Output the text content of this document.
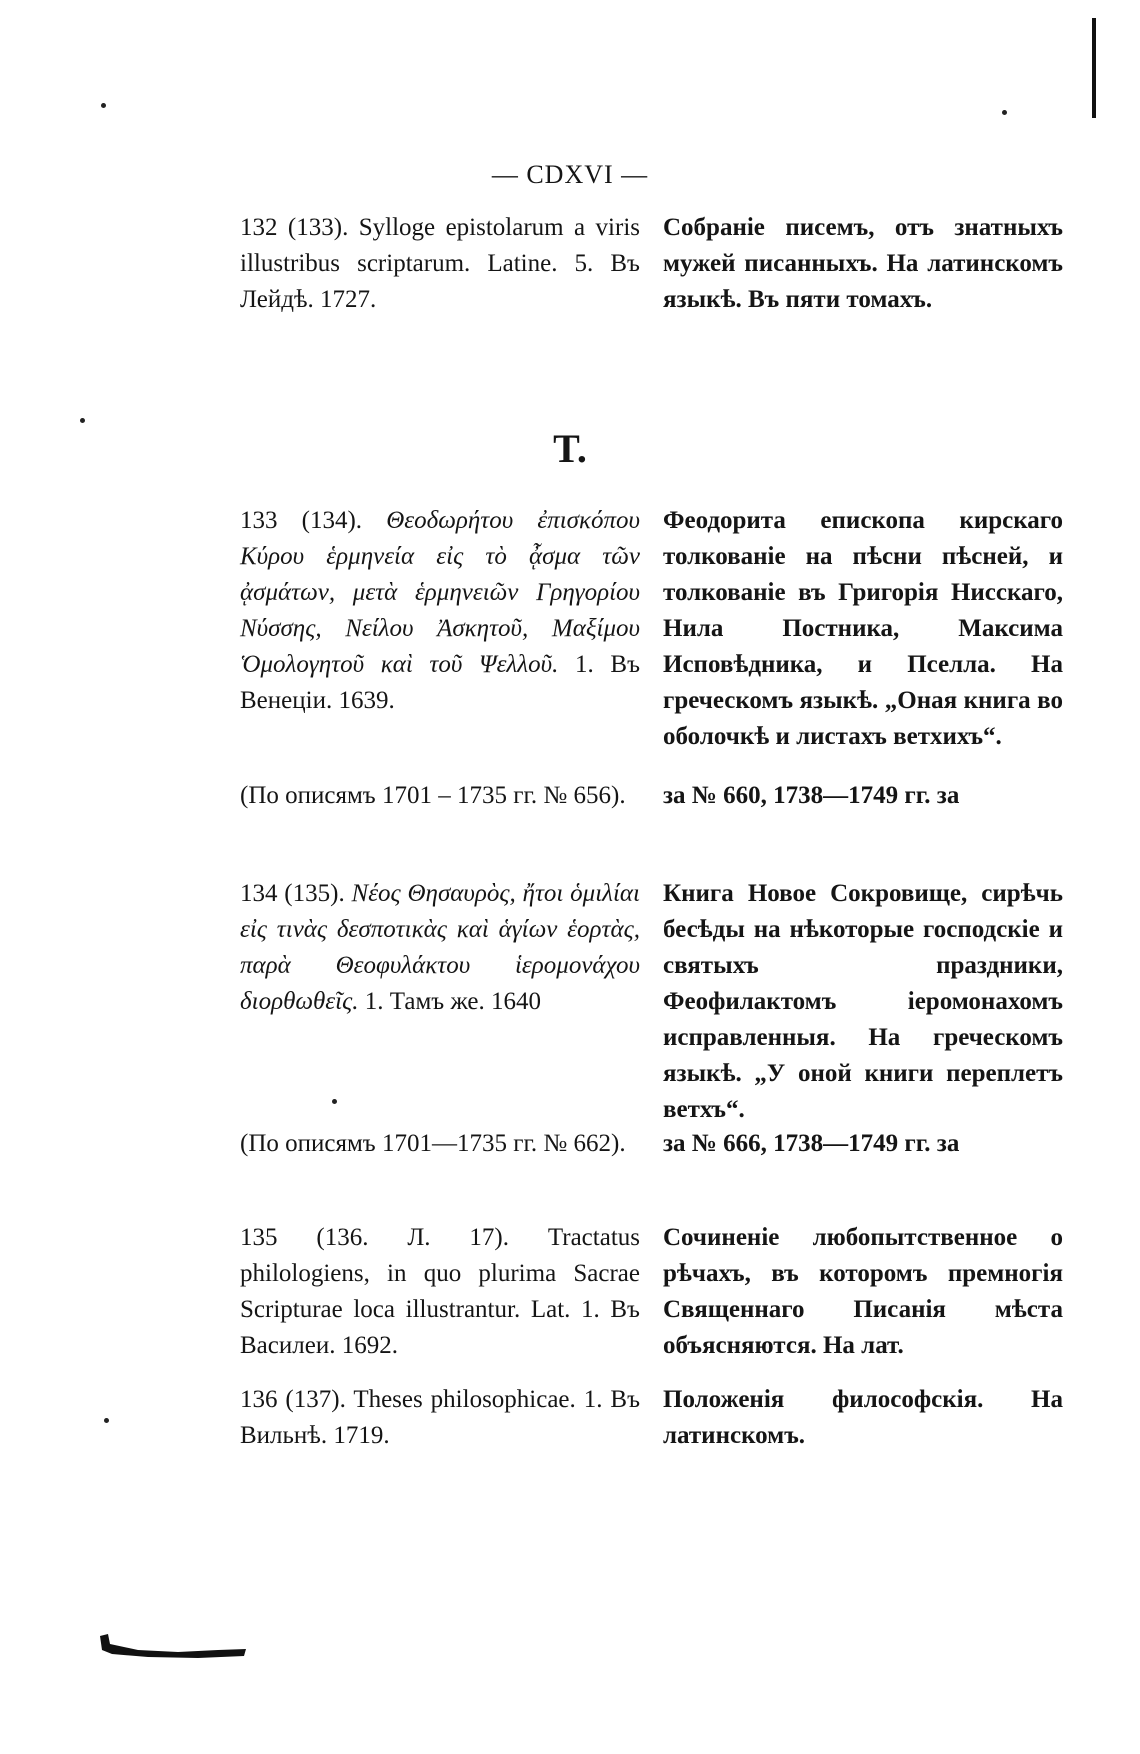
— CDXVI —
132 (133). Sylloge epistolarum a viris illustribus scriptarum. Latine. 5. Въ Лейдѣ. 1727.
Собраніе писемъ, отъ знатныхъ мужей писанныхъ. На латинскомъ языкѣ. Въ пяти томахъ.
T.
133 (134). Θεοδωρήτου ἐπισκόπου Κύρου ἑρμηνεία εἰς τὸ ᾆσμα τῶν ᾀσμάτων, μετὰ ἑρμηνειῶν Γρηγορίου Νύσσης, Νείλου Ἀσκητοῦ, Μαξίμου Ὁμολογητοῦ καὶ τοῦ Ψελλοῦ. 1. Въ Венеціи. 1639.
Феодорита епископа кирскаго толкованіе на пѣсни пѣсней, и толкованіе въ Григорія Нисскаго, Нила Постника, Максима Исповѣдника, и Пселла. На греческомъ языкѣ. „Оная книга во оболочкѣ и листахъ ветхихъ“.
(По описямъ 1701 – 1735 гг. № 656).	за № 660, 1738—1749 гг. за
134 (135). Νέος Θησαυρὸς, ἤτοι ὁμιλίαι εἰς τινὰς δεσποτικὰς καὶ ἁγίων ἑορτὰς, παρὰ Θεοφυλάκτου ἱερομονάχου διορθωθεῖς. 1. Тамъ же. 1640
Книга Новое Сокровище, сирѣчь бесѣды на нѣкоторые господскіе и святыхъ праздники, Феофилактомъ іеромонахомъ исправленныя. На греческомъ языкѣ. „У оной книги переплетъ ветхъ“.
(По описямъ 1701—1735 гг. № 662).	за № 666, 1738—1749 гг. за
135 (136. Л. 17). Tractatus philologiens, in quo plurima Sacrae Scripturae loca illustrantur. Lat. 1. Въ Василеи. 1692.
Сочиненіе любопытственное о рѣчахъ, въ которомъ премногія Священнаго Писанія мѣста объясняются. На лат.
136 (137). Theses philosophicae. 1. Въ Вильнѣ. 1719.
Положенія философскія. На латинскомъ.
